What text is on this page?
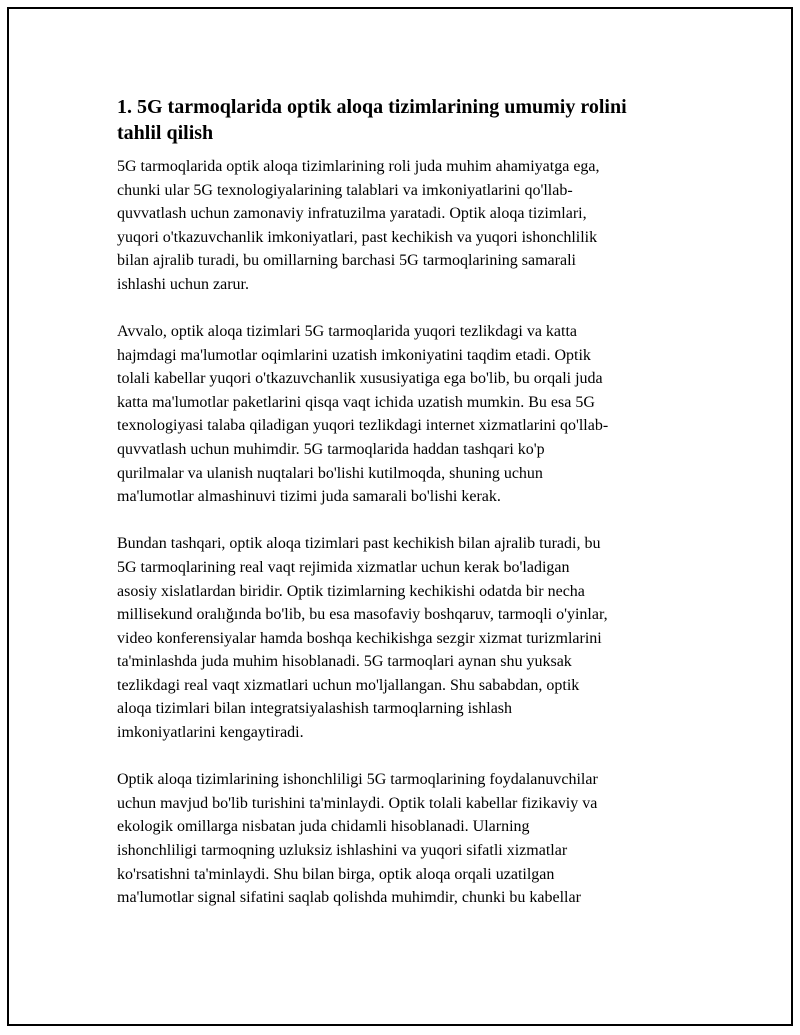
1. 5G tarmoqlarida optik aloqa tizimlarining umumiy rolini
tahlil qilish

5G tarmoqlarida optik aloqa tizimlarining roli juda muhim ahamiyatga ega,
chunki ular 5G texnologiyalarining talablari va imkoniyatlarini qo'llab-
quvvatlash uchun zamonaviy infratuzilma yaratadi. Optik aloqa tizimlari,
yuqori o'tkazuvchanlik imkoniyatlari, past kechikish va yuqori ishonchlilik
bilan ajralib turadi, bu omillarning barchasi 5G tarmoqlarining samarali
ishlashi uchun zarur.

Avvalo, optik aloqa tizimlari 5G tarmoqlarida yuqori tezlikdagi va katta
hajmdagi ma'lumotlar oqimlarini uzatish imkoniyatini taqdim etadi. Optik
tolali kabellar yuqori o'tkazuvchanlik xususiyatiga ega bo'lib, bu orqali juda
katta ma'lumotlar paketlarini qisqa vaqt ichida uzatish mumkin. Bu esa 5G
texnologiyasi talaba qiladigan yuqori tezlikdagi internet xizmatlarini qo'llab-
quvvatlash uchun muhimdir. 5G tarmoqlarida haddan tashqari ko'p
qurilmalar va ulanish nuqtalari bo'lishi kutilmoqda, shuning uchun
ma'lumotlar almashinuvi tizimi juda samarali bo'lishi kerak.

Bundan tashqari, optik aloqa tizimlari past kechikish bilan ajralib turadi, bu
5G tarmoqlarining real vaqt rejimida xizmatlar uchun kerak bo'ladigan
asosiy xislatlardan biridir. Optik tizimlarning kechikishi odatda bir necha
millisekund oralığında bo'lib, bu esa masofaviy boshqaruv, tarmoqli o'yinlar,
video konferensiyalar hamda boshqa kechikishga sezgir xizmat turizmlarini
ta'minlashda juda muhim hisoblanadi. 5G tarmoqlari aynan shu yuksak
tezlikdagi real vaqt xizmatlari uchun mo'ljallangan. Shu sababdan, optik
aloqa tizimlari bilan integratsiyalashish tarmoqlarning ishlash
imkoniyatlarini kengaytiradi.

Optik aloqa tizimlarining ishonchliligi 5G tarmoqlarining foydalanuvchilar
uchun mavjud bo'lib turishini ta'minlaydi. Optik tolali kabellar fizikaviy va
ekologik omillarga nisbatan juda chidamli hisoblanadi. Ularning
ishonchliligi tarmoqning uzluksiz ishlashini va yuqori sifatli xizmatlar
ko'rsatishni ta'minlaydi. Shu bilan birga, optik aloqa orqali uzatilgan
ma'lumotlar signal sifatini saqlab qolishda muhimdir, chunki bu kabellar
